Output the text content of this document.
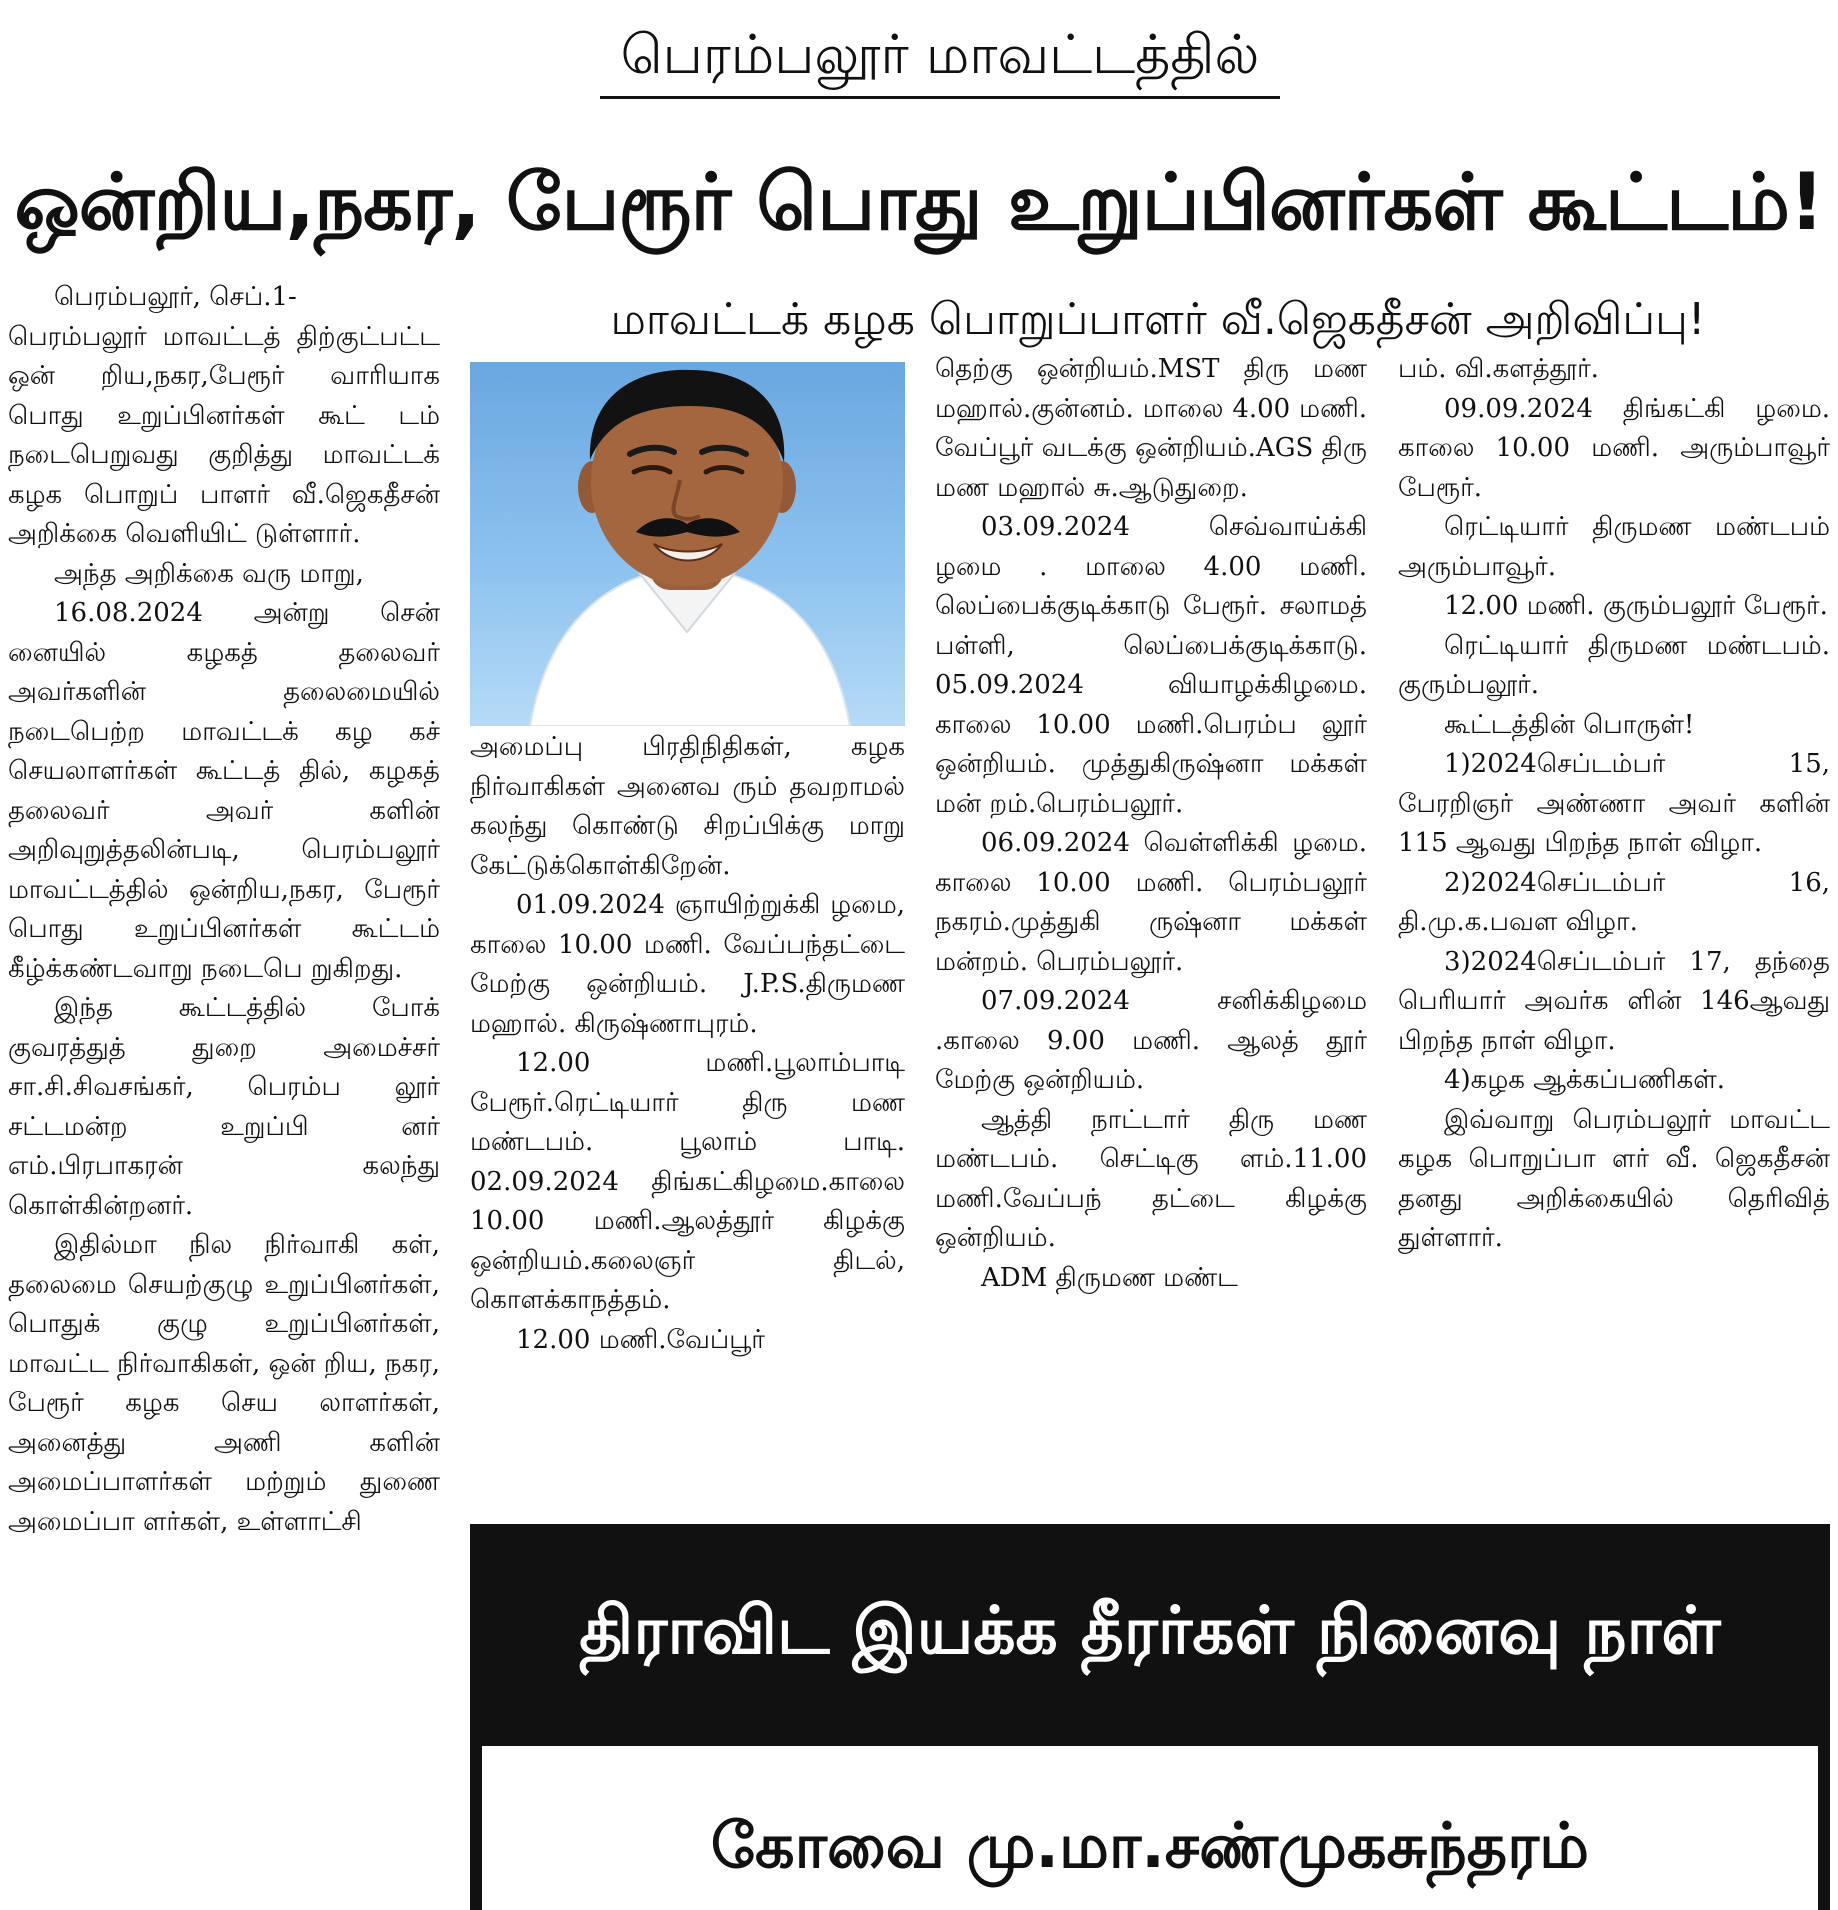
பெரம்பலூர் மாவட்டத்தில்
ஒன்றிய,நகர, பேரூர் பொது உறுப்பினர்கள் கூட்டம்!
மாவட்டக் கழக பொறுப்பாளர் வீ.ஜெகதீசன் அறிவிப்பு!

பெரம்பலூர், செப்.1-

பெரம்பலூர் மாவட்டத் திற்குட்பட்ட ஒன் றிய,நகர,பேரூர் வாரியாக பொது உறுப்பினர்கள் கூட் டம் நடைபெறுவது குறித்து மாவட்டக் கழக பொறுப் பாளர் வீ.ஜெகதீசன் அறிக்கை வெளியிட் டுள்ளார்.

அந்த அறிக்கை வரு மாறு,

16.08.2024 அன்று சென் னையில் கழகத் தலைவர் அவர்களின் தலைமையில் நடைபெற்ற மாவட்டக் கழ கச் செயலாளர்கள் கூட்டத் தில், கழகத் தலைவர் அவர் களின் அறிவுறுத்தலின்படி, பெரம்பலூர் மாவட்டத்தில் ஒன்றிய,நகர, பேரூர் பொது உறுப்பினர்கள் கூட்டம் கீழ்க்கண்டவாறு நடைபெ றுகிறது.

இந்த கூட்டத்தில் போக் குவரத்துத் துறை அமைச்சர் சா.சி.சிவசங்கர், பெரம்ப லூர் சட்டமன்ற உறுப்பி னர் எம்.பிரபாகரன் கலந்து கொள்கின்றனர்.

இதில்மா நில நிர்வாகி கள், தலைமை செயற்குழு உறுப்பினர்கள், பொதுக் குழு உறுப்பினர்கள், மாவட்ட நிர்வாகிகள், ஒன் றிய, நகர, பேரூர் கழக செய லாளர்கள், அனைத்து அணி களின் அமைப்பாளர்கள் மற்றும் துணை அமைப்பா ளர்கள், உள்ளாட்சி

அமைப்பு பிரதிநிதிகள், கழக நிர்வாகிகள் அனைவ ரும் தவறாமல் கலந்து கொண்டு சிறப்பிக்கு மாறு கேட்டுக்கொள்கிறேன்.

01.09.2024 ஞாயிற்றுக்கி ழமை, காலை 10.00 மணி. வேப்பந்தட்டை மேற்கு ஒன்றியம். J.P.S.திருமண மஹால். கிருஷ்ணாபுரம்.

12.00 மணி.பூலாம்பாடி பேரூர்.ரெட்டியார் திரு மண மண்டபம். பூலாம் பாடி. 02.09.2024 திங்கட்கிழமை.காலை 10.00 மணி.ஆலத்தூர் கிழக்கு ஒன்றியம்.கலைஞர் திடல், கொளக்காநத்தம்.

12.00 மணி.வேப்பூர்

தெற்கு ஒன்றியம்.MST திரு மண மஹால்.குன்னம். மாலை 4.00 மணி. வேப்பூர் வடக்கு ஒன்றியம்.AGS திரு மண மஹால் சு.ஆடுதுறை.

03.09.2024 செவ்வாய்க்கி ழமை . மாலை 4.00 மணி. லெப்பைக்குடிக்காடு பேரூர். சலாமத் பள்ளி, லெப்பைக்குடிக்காடு. 05.09.2024 வியாழக்கிழமை. காலை 10.00 மணி.பெரம்ப லூர் ஒன்றியம். முத்துகிருஷ்னா மக்கள் மன் றம்.பெரம்பலூர்.

06.09.2024 வெள்ளிக்கி ழமை. காலை 10.00 மணி. பெரம்பலூர் நகரம்.முத்துகி ருஷ்னா மக்கள் மன்றம். பெரம்பலூர்.

07.09.2024 சனிக்கிழமை .காலை 9.00 மணி. ஆலத் தூர் மேற்கு ஒன்றியம்.

ஆத்தி நாட்டார் திரு மண மண்டபம். செட்டிகு ளம்.11.00 மணி.வேப்பந் தட்டை கிழக்கு ஒன்றியம்.

ADM திருமண மண்ட

பம். வி.களத்தூர்.

09.09.2024 திங்கட்கி ழமை. காலை 10.00 மணி. அரும்பாவூர் பேரூர்.

ரெட்டியார் திருமண மண்டபம் அரும்பாவூர்.

12.00 மணி. குரும்பலூர் பேரூர்.

ரெட்டியார் திருமண மண்டபம். குரும்பலூர்.

கூட்டத்தின் பொருள்!

1)2024செப்டம்பர் 15, பேரறிஞர் அண்ணா அவர் களின் 115 ஆவது பிறந்த நாள் விழா.

2)2024செப்டம்பர் 16, தி.மு.க.பவள விழா.

3)2024செப்டம்பர் 17, தந்தை பெரியார் அவர்க ளின் 146ஆவது பிறந்த நாள் விழா.

4)கழக ஆக்கப்பணிகள்.

இவ்வாறு பெரம்பலூர் மாவட்ட கழக பொறுப்பா ளர் வீ. ஜெகதீசன் தனது அறிக்கையில் தெரிவித் துள்ளார்.

திராவிட இயக்க தீரர்கள் நினைவு நாள்
கோவை மு.மா.சண்முகசுந்தரம்
